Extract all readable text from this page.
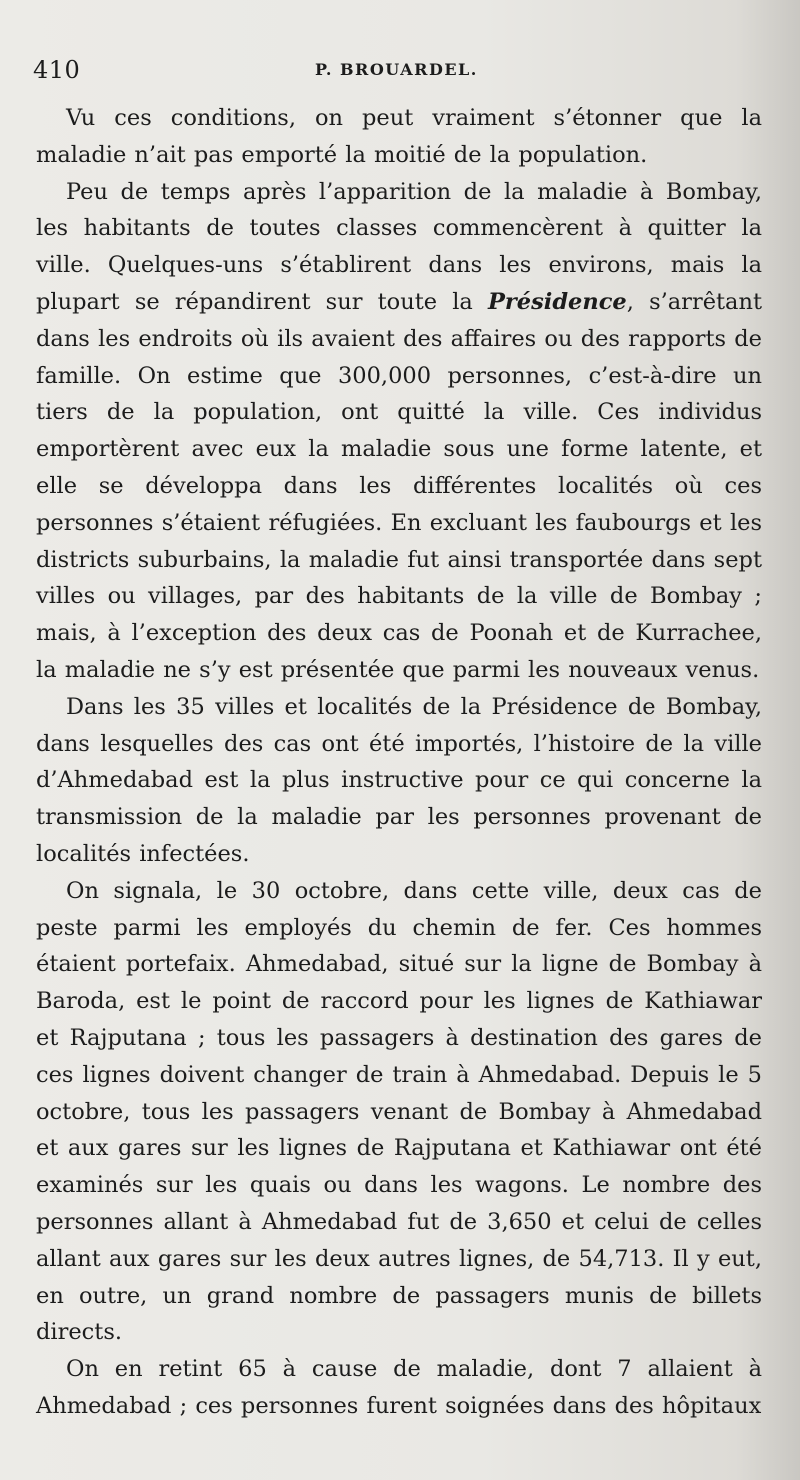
410	P. BROUARDEL.

Vu ces conditions, on peut vraiment s’étonner que la maladie n’ait pas emporté la moitié de la population.

Peu de temps après l’apparition de la maladie à Bombay, les habitants de toutes classes commencèrent à quitter la ville. Quelques-uns s’établirent dans les environs, mais la plupart se répandirent sur toute la Présidence, s’arrêtant dans les endroits où ils avaient des affaires ou des rapports de famille. On estime que 300,000 personnes, c’est-à-dire un tiers de la population, ont quitté la ville. Ces individus emportèrent avec eux la maladie sous une forme latente, et elle se développa dans les différentes localités où ces personnes s’étaient réfugiées. En excluant les faubourgs et les districts suburbains, la maladie fut ainsi transportée dans sept villes ou villages, par des habitants de la ville de Bombay ; mais, à l’exception des deux cas de Poonah et de Kurrachee, la maladie ne s’y est présentée que parmi les nouveaux venus.

Dans les 35 villes et localités de la Présidence de Bombay, dans lesquelles des cas ont été importés, l’histoire de la ville d’Ahmedabad est la plus instructive pour ce qui concerne la transmission de la maladie par les personnes provenant de localités infectées.

On signala, le 30 octobre, dans cette ville, deux cas de peste parmi les employés du chemin de fer. Ces hommes étaient portefaix. Ahmedabad, situé sur la ligne de Bombay à Baroda, est le point de raccord pour les lignes de Kathiawar et Rajputana ; tous les passagers à destination des gares de ces lignes doivent changer de train à Ahmedabad. Depuis le 5 octobre, tous les passagers venant de Bombay à Ahmedabad et aux gares sur les lignes de Rajputana et Kathiawar ont été examinés sur les quais ou dans les wagons. Le nombre des personnes allant à Ahmedabad fut de 3,650 et celui de celles allant aux gares sur les deux autres lignes, de 54,713. Il y eut, en outre, un grand nombre de passagers munis de billets directs.

On en retint 65 à cause de maladie, dont 7 allaient à Ahmedabad ; ces personnes furent soignées dans des hôpitaux
